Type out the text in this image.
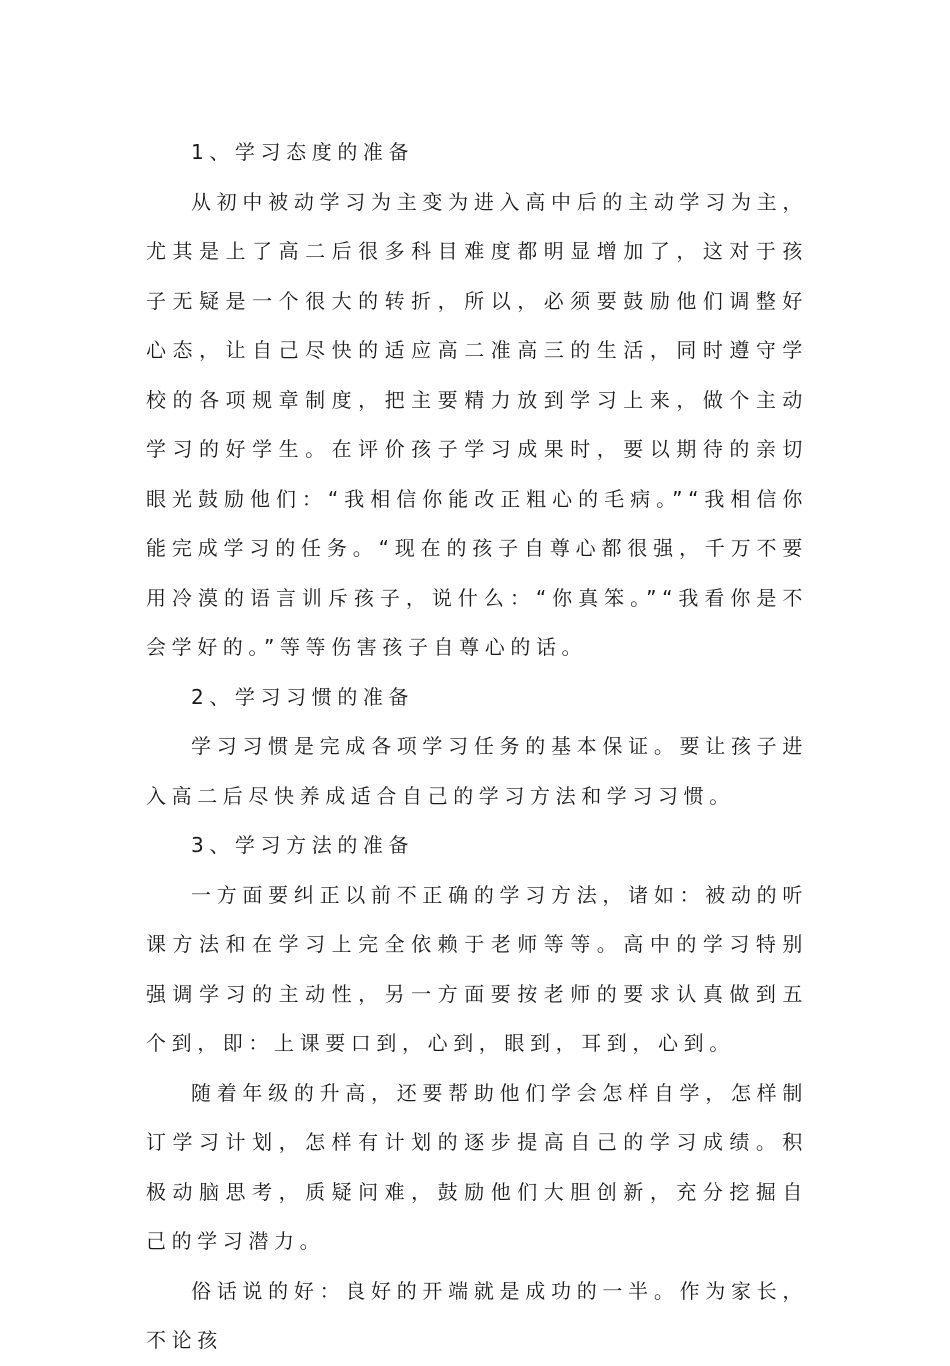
1、学习态度的准备

从初中被动学习为主变为进入高中后的主动学习为主，尤其是上了高二后很多科目难度都明显增加了，这对于孩子无疑是一个很大的转折，所以，必须要鼓励他们调整好心态，让自己尽快的适应高二准高三的生活，同时遵守学校的各项规章制度，把主要精力放到学习上来，做个主动学习的好学生。在评价孩子学习成果时，要以期待的亲切眼光鼓励他们：“我相信你能改正粗心的毛病。”“我相信你能完成学习的任务。“现在的孩子自尊心都很强，千万不要用冷漠的语言训斥孩子，说什么：“你真笨。”“我看你是不会学好的。”等等伤害孩子自尊心的话。

2、学习习惯的准备

学习习惯是完成各项学习任务的基本保证。要让孩子进入高二后尽快养成适合自己的学习方法和学习习惯。

3、学习方法的准备

一方面要纠正以前不正确的学习方法，诸如：被动的听课方法和在学习上完全依赖于老师等等。高中的学习特别强调学习的主动性，另一方面要按老师的要求认真做到五个到，即：上课要口到，心到，眼到，耳到，心到。

随着年级的升高，还要帮助他们学会怎样自学，怎样制订学习计划，怎样有计划的逐步提高自己的学习成绩。积极动脑思考，质疑问难，鼓励他们大胆创新，充分挖掘自己的学习潜力。

俗话说的好：良好的开端就是成功的一半。作为家长，不论孩
